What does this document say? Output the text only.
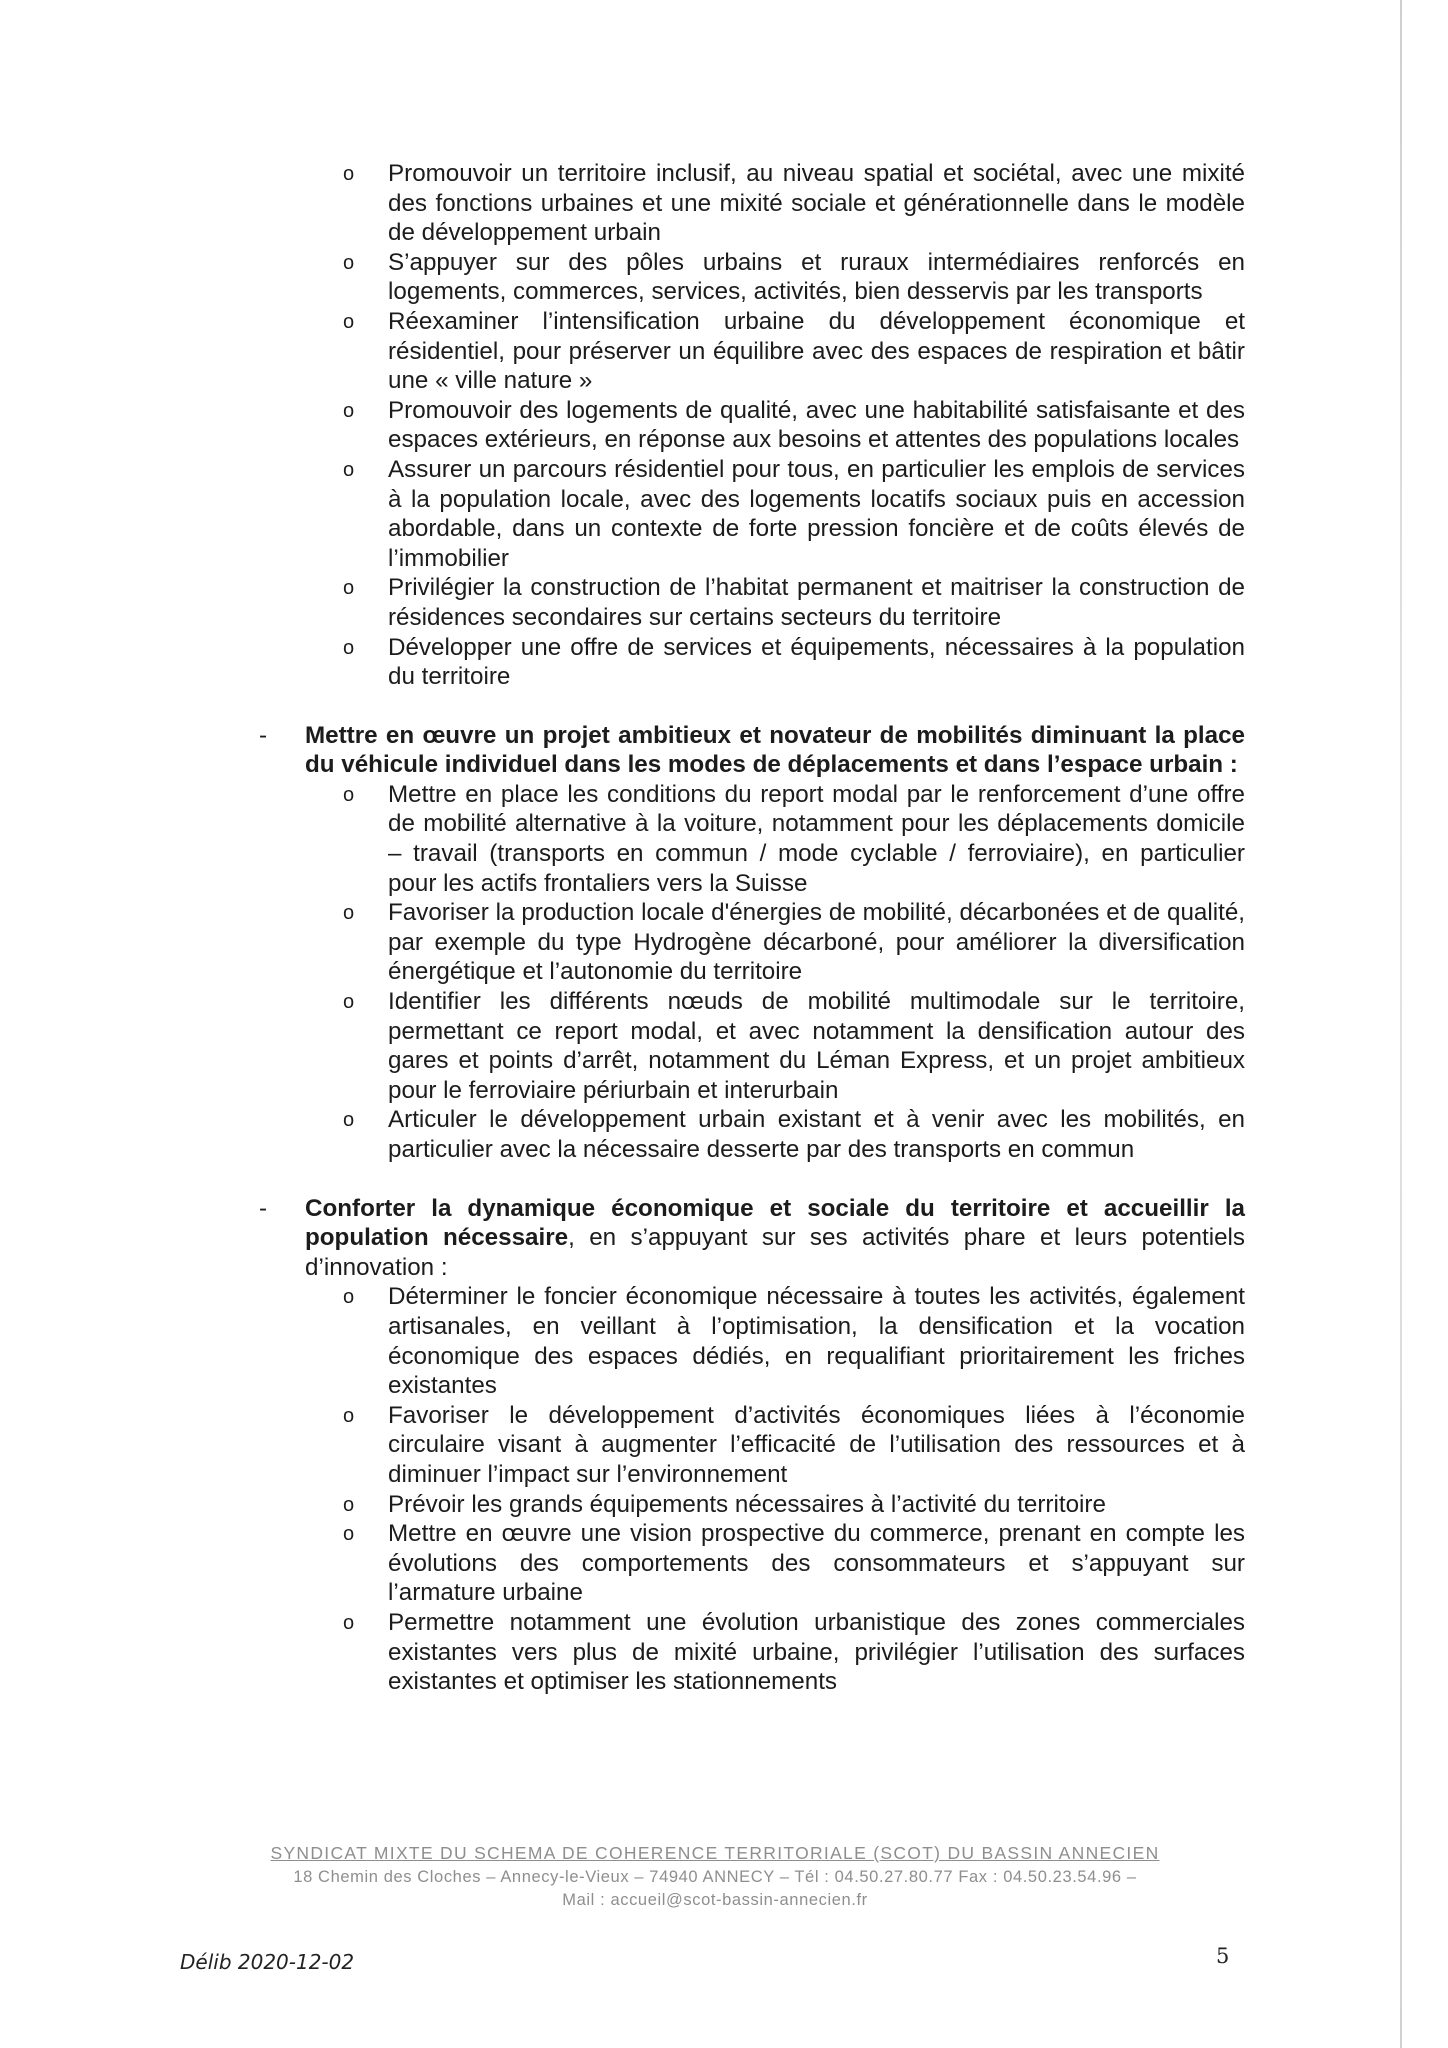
o Promouvoir un territoire inclusif, au niveau spatial et sociétal, avec une mixité des fonctions urbaines et une mixité sociale et générationnelle dans le modèle de développement urbain
o S’appuyer sur des pôles urbains et ruraux intermédiaires renforcés en logements, commerces, services, activités, bien desservis par les transports
o Réexaminer l’intensification urbaine du développement économique et résidentiel, pour préserver un équilibre avec des espaces de respiration et bâtir une « ville nature »
o Promouvoir des logements de qualité, avec une habitabilité satisfaisante et des espaces extérieurs, en réponse aux besoins et attentes des populations locales
o Assurer un parcours résidentiel pour tous, en particulier les emplois de services à la population locale, avec des logements locatifs sociaux puis en accession abordable, dans un contexte de forte pression foncière et de coûts élevés de l’immobilier
o Privilégier la construction de l’habitat permanent et maitriser la construction de résidences secondaires sur certains secteurs du territoire
o Développer une offre de services et équipements, nécessaires à la population du territoire
- Mettre en œuvre un projet ambitieux et novateur de mobilités diminuant la place du véhicule individuel dans les modes de déplacements et dans l’espace urbain :
o Mettre en place les conditions du report modal par le renforcement d’une offre de mobilité alternative à la voiture, notamment pour les déplacements domicile – travail (transports en commun / mode cyclable / ferroviaire), en particulier pour les actifs frontaliers vers la Suisse
o Favoriser la production locale d'énergies de mobilité, décarbonées et de qualité, par exemple du type Hydrogène décarboné, pour améliorer la diversification énergétique et l’autonomie du territoire
o Identifier les différents nœuds de mobilité multimodale sur le territoire, permettant ce report modal, et avec notamment la densification autour des gares et points d’arrêt, notamment du Léman Express, et un projet ambitieux pour le ferroviaire périurbain et interurbain
o Articuler le développement urbain existant et à venir avec les mobilités, en particulier avec la nécessaire desserte par des transports en commun
- Conforter la dynamique économique et sociale du territoire et accueillir la population nécessaire, en s’appuyant sur ses activités phare et leurs potentiels d’innovation :
o Déterminer le foncier économique nécessaire à toutes les activités, également artisanales, en veillant à l’optimisation, la densification et la vocation économique des espaces dédiés, en requalifiant prioritairement les friches existantes
o Favoriser le développement d’activités économiques liées à l’économie circulaire visant à augmenter l’efficacité de l’utilisation des ressources et à diminuer l’impact sur l’environnement
o Prévoir les grands équipements nécessaires à l’activité du territoire
o Mettre en œuvre une vision prospective du commerce, prenant en compte les évolutions des comportements des consommateurs et s’appuyant sur l’armature urbaine
o Permettre notamment une évolution urbanistique des zones commerciales existantes vers plus de mixité urbaine, privilégier l’utilisation des surfaces existantes et optimiser les stationnements
SYNDICAT MIXTE DU SCHEMA DE COHERENCE TERRITORIALE (SCOT) DU BASSIN ANNECIEN
18 Chemin des Cloches – Annecy-le-Vieux – 74940 ANNECY – Tél : 04.50.27.80.77 Fax : 04.50.23.54.96 –
Mail : accueil@scot-bassin-annecien.fr
Délib 2020-12-02	5
